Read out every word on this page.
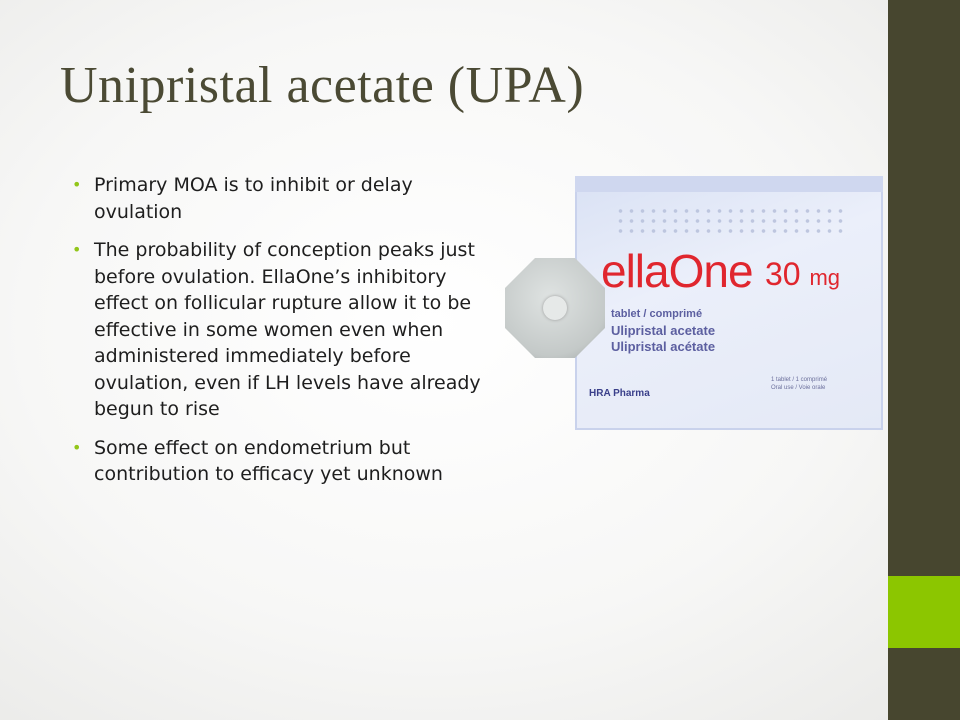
Unipristal acetate (UPA)
• Primary MOA is to inhibit or delay ovulation
• The probability of conception peaks just before ovulation. EllaOne’s inhibitory effect on follicular rupture allow it to be effective in some women even when administered immediately before ovulation, even if LH levels have already begun to rise
• Some effect on endometrium but contribution to efficacy yet unknown
ellaOne 30 mg
tablet / comprimé
Ulipristal acetate
Ulipristal acétate
1 tablet / 1 comprimé
Oral use / Voie orale
HRA Pharma
